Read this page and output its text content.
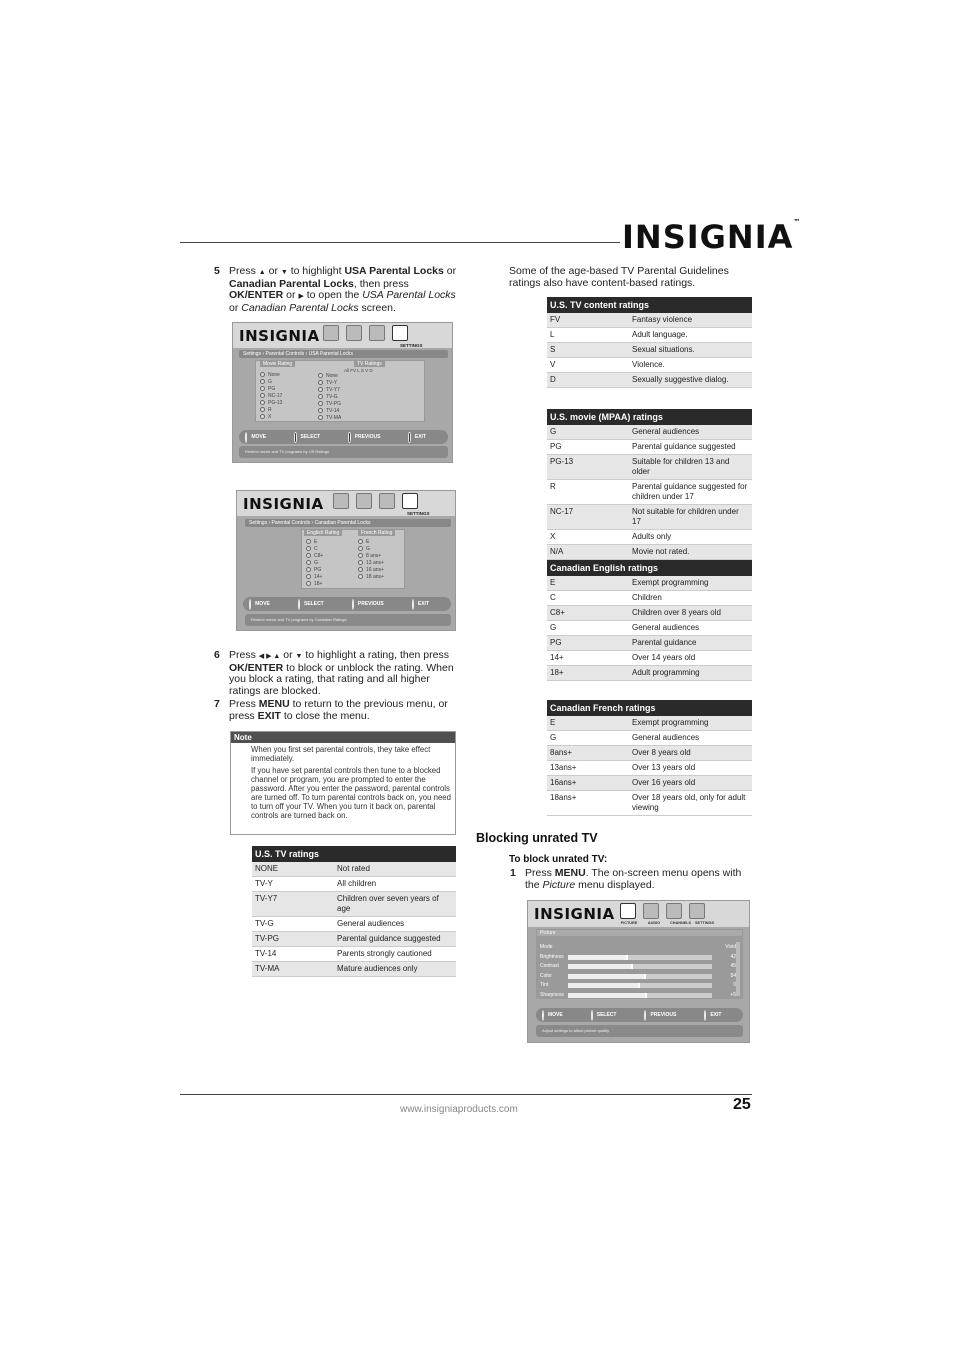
INSIGNIA™
5 Press ▲ or ▼ to highlight USA Parental Locks or Canadian Parental Locks, then press OK/ENTER or ▶ to open the USA Parental Locks or Canadian Parental Locks screen.
INSIGNIA
SETTINGS
Settings › Parental Controls › USA Parental Locks
Movie Rating
None
G
PG
NC-17
PG-13
R
X
TV Ratings
All FV L S V D
None
TV-Y
TV-Y7
TV-G
TV-PG
TV-14
TV-MA
MOVE	SELECT	PREVIOUS	EXIT
Restrict movie and TV programs by US Ratings
INSIGNIA
SETTINGS
Settings › Parental Controls › Canadian Parental Locks
English Rating
E
C
C8+
G
PG
14+
18+
French Rating
E
G
8 ans+
13 ans+
16 ans+
18 ans+
MOVE	SELECT	PREVIOUS	EXIT
Restrict movie and TV programs by Canadian Ratings
6 Press ◀ ▶ ▲ or ▼ to highlight a rating, then press OK/ENTER to block or unblock the rating. When you block a rating, that rating and all higher ratings are blocked.
7 Press MENU to return to the previous menu, or press EXIT to close the menu.
Note

When you first set parental controls, they take effect immediately.

If you have set parental controls then tune to a blocked channel or program, you are prompted to enter the password. After you enter the password, parental controls are turned off. To turn parental controls back on, you need to turn off your TV. When you turn it back on, parental controls are turned back on.

U.S. TV ratings
NONE	Not rated
TV-Y	All children
TV-Y7	Children over seven years of age
TV-G	General audiences
TV-PG	Parental guidance suggested
TV-14	Parents strongly cautioned
TV-MA	Mature audiences only
Some of the age-based TV Parental Guidelines ratings also have content-based ratings.
U.S. TV content ratings
FV	Fantasy violence
L	Adult language.
S	Sexual situations.
V	Violence.
D	Sexually suggestive dialog.
U.S. movie (MPAA) ratings
G	General audiences
PG	Parental guidance suggested
PG-13	Suitable for children 13 and older
R	Parental guidance suggested for children under 17
NC-17	Not suitable for children under 17
X	Adults only
N/A	Movie not rated.
Canadian English ratings
E	Exempt programming
C	Children
C8+	Children over 8 years old
G	General audiences
PG	Parental guidance
14+	Over 14 years old
18+	Adult programming
Canadian French ratings
E	Exempt programming
G	General audiences
8ans+	Over 8 years old
13ans+	Over 13 years old
16ans+	Over 16 years old
18ans+	Over 18 years old, only for adult viewing
Blocking unrated TV
To block unrated TV:
1 Press MENU. The on-screen menu opens with the Picture menu displayed.
INSIGNIA PICTURE	AUDIO	CHANNELS SETTINGS
Picture
Mode	Vivid
Brightness	42
Contrast	45
Color	54
Tint	0
Sharpness	+5
MOVE	SELECT	PREVIOUS	EXIT
Adjust settings to affect picture quality
www.insigniaproducts.com	25
